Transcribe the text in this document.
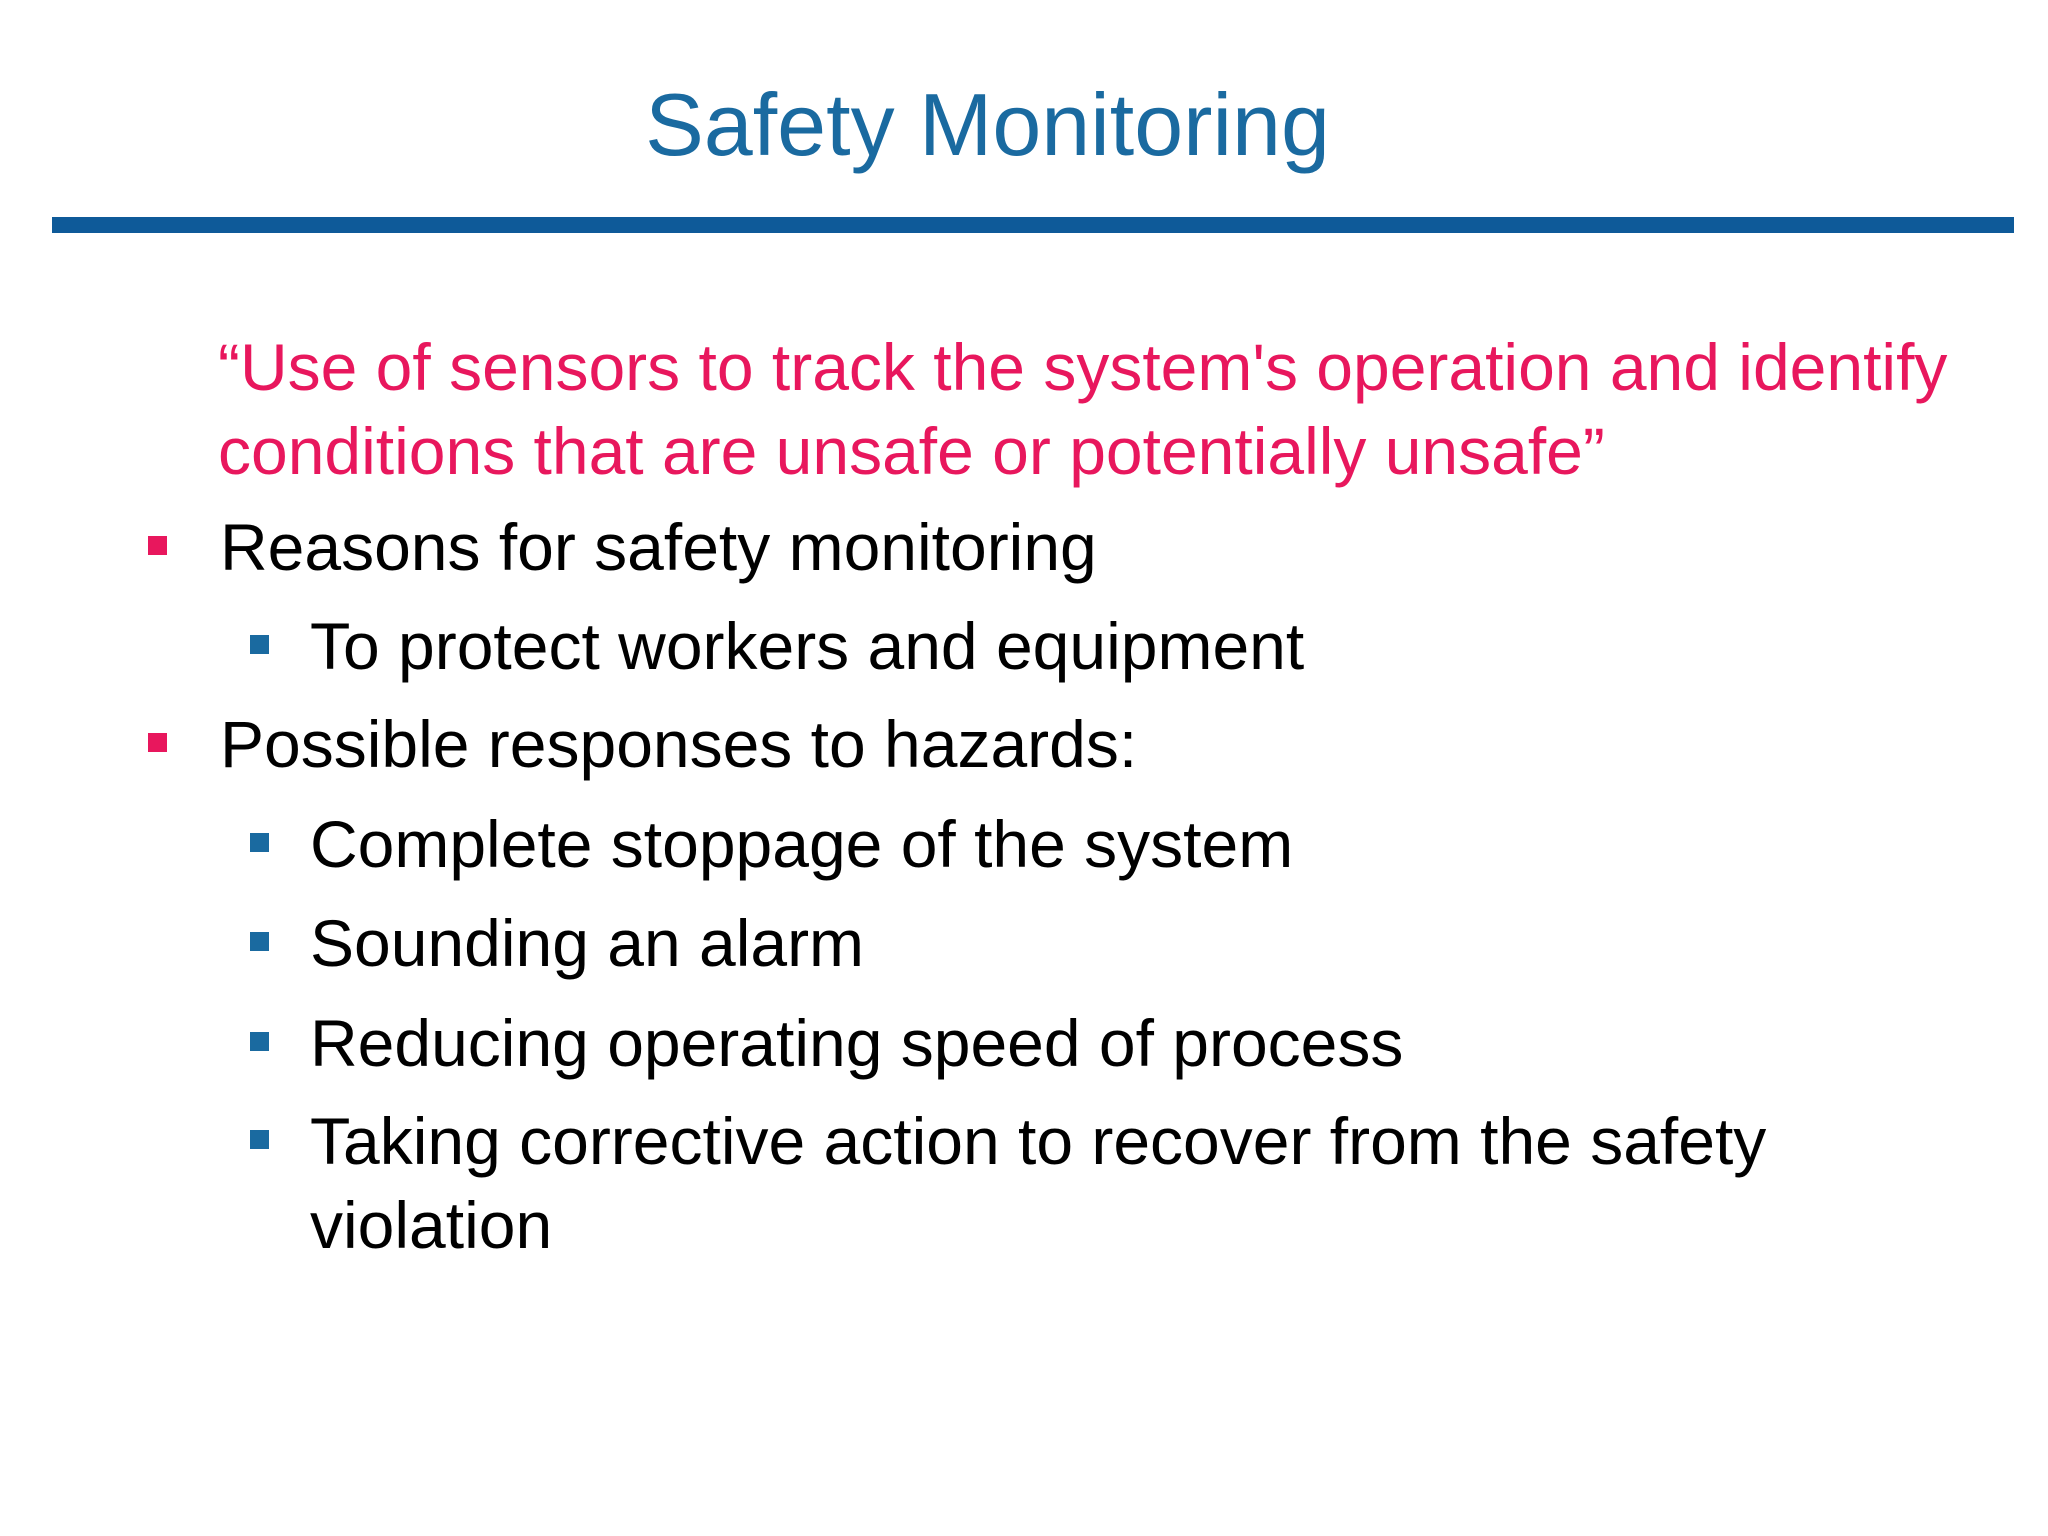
Safety Monitoring
“Use of sensors to track the system's operation and identify conditions that are unsafe or potentially unsafe”
Reasons for safety monitoring
To protect workers and equipment
Possible responses to hazards:
Complete stoppage of the system
Sounding an alarm
Reducing operating speed of process
Taking corrective action to recover from the safety violation
